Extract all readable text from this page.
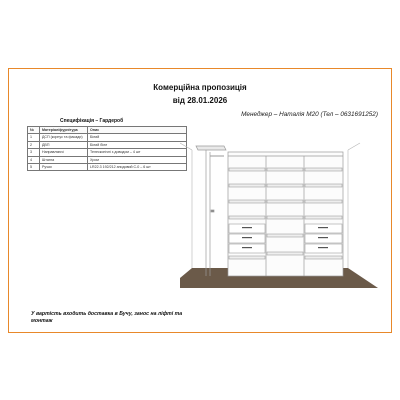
Комерційна пропозиція
від 28.01.2026
Менеджер – Наталія М20 (Тел – 0631691252)
Специфікація – Гардероб
№	Матеріал/фурнітура	Опис
1	ДСП (корпус та фасади)	Білий
2	ДВП	Білий біле
3	Направляючі	Телескопічні з доводом – 4 шт
4	Штанга	Хром
5	Ручки	LR22.3 192/212 анодовий С-0 – 6 шт
У вартість входить доставка в Бучу, занос на ліфті та монтаж
